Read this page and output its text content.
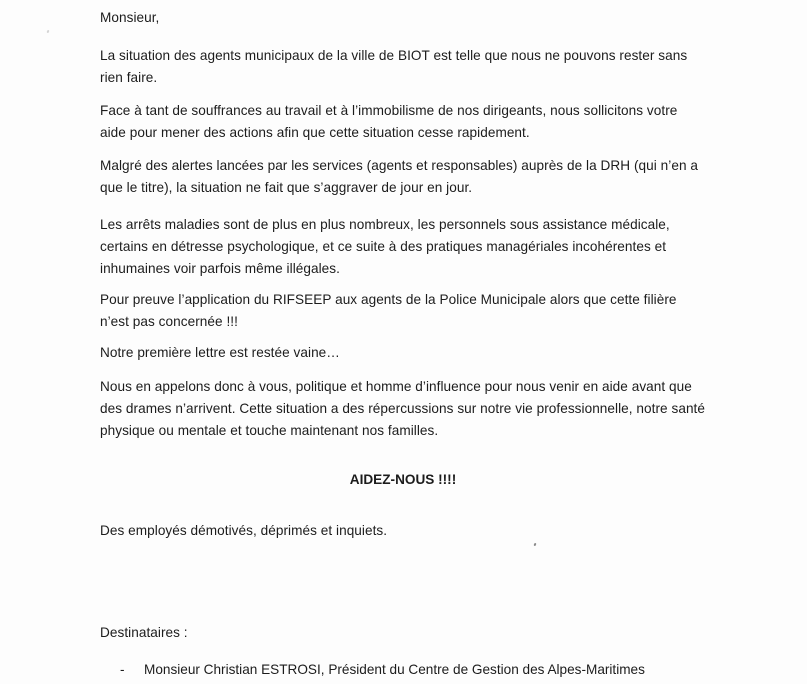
Monsieur,
La situation des agents municipaux de la ville de BIOT est telle que nous ne pouvons rester sans rien faire.
Face à tant de souffrances au travail et à l’immobilisme de nos dirigeants, nous sollicitons votre aide pour mener des actions afin que cette situation cesse rapidement.
Malgré des alertes lancées par les services (agents et responsables) auprès de la DRH (qui n’en a que le titre), la situation ne fait que s’aggraver de jour en jour.
Les arrêts maladies sont de plus en plus nombreux, les personnels sous assistance médicale, certains en détresse psychologique, et ce suite à des pratiques managériales incohérentes et inhumaines voir parfois même illégales.
Pour preuve l’application du RIFSEEP aux agents de la Police Municipale alors que cette filière n’est pas concernée !!!
Notre première lettre est restée vaine…
Nous en appelons donc à vous, politique et homme d’influence pour nous venir en aide avant que des drames n’arrivent. Cette situation a des répercussions sur notre vie professionnelle, notre santé physique ou mentale et touche maintenant nos familles.
AIDEZ-NOUS !!!!
Des employés démotivés, déprimés et inquiets.
Destinataires :
- Monsieur Christian ESTROSI, Président du Centre de Gestion des Alpes-Maritimes
